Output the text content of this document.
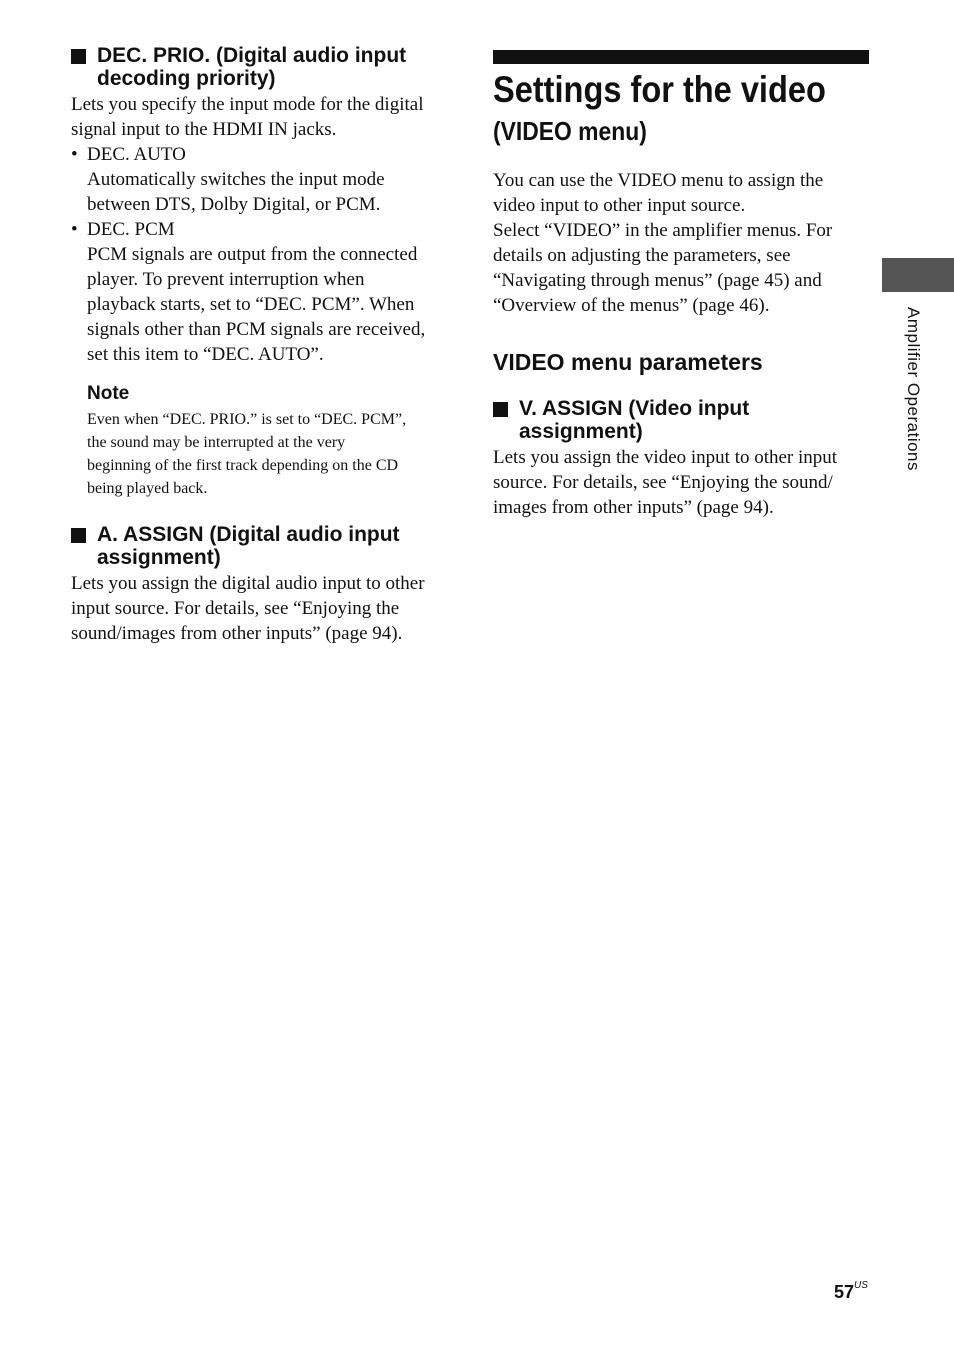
DEC. PRIO. (Digital audio input
decoding priority)

Lets you specify the input mode for the digital

signal input to the HDMI IN jacks.

• DEC. AUTO
Automatically switches the input mode
between DTS, Dolby Digital, or PCM.
• DEC. PCM
PCM signals are output from the connected
player. To prevent interruption when
playback starts, set to “DEC. PCM”. When
signals other than PCM signals are received,
set this item to “DEC. AUTO”.

Note

Even when “DEC. PRIO.” is set to “DEC. PCM”,

the sound may be interrupted at the very

beginning of the first track depending on the CD

being played back.

A. ASSIGN (Digital audio input
assignment)

Lets you assign the digital audio input to other

input source. For details, see “Enjoying the

sound/images from other inputs” (page 94).

Settings for the video
(VIDEO menu)

You can use the VIDEO menu to assign the

video input to other input source.

Select “VIDEO” in the amplifier menus. For

details on adjusting the parameters, see

“Navigating through menus” (page 45) and

“Overview of the menus” (page 46).

VIDEO menu parameters
V. ASSIGN (Video input
assignment)

Lets you assign the video input to other input

source. For details, see “Enjoying the sound/

images from other inputs” (page 94).

Amplifier Operations
$57^{US}$
